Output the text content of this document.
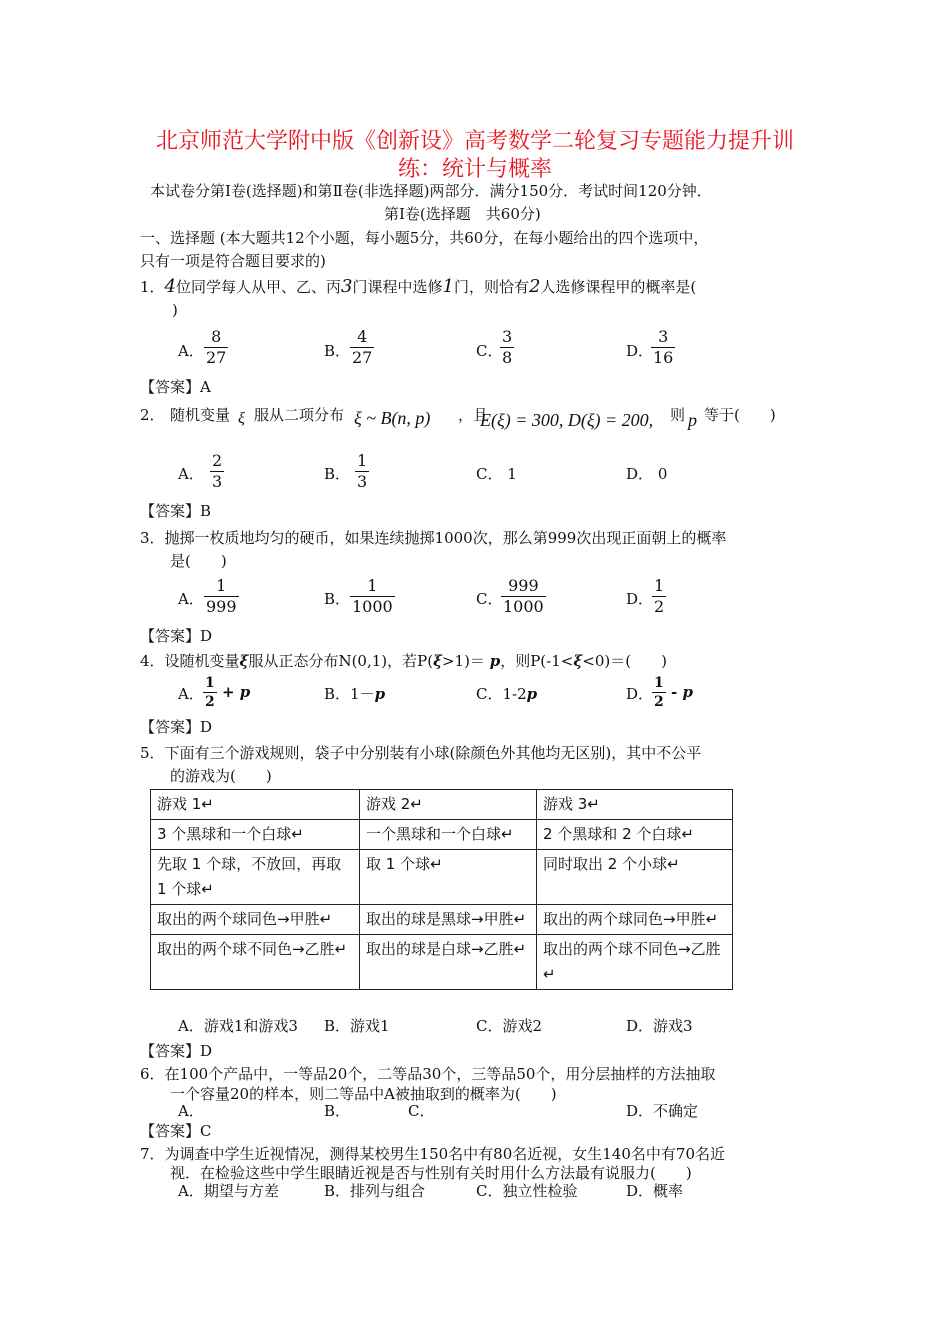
北京师范大学附中版《创新设》高考数学二轮复习专题能力提升训
练：统计与概率
本试卷分第Ⅰ卷(选择题)和第Ⅱ卷(非选择题)两部分．满分150分．考试时间120分钟．
第Ⅰ卷(选择题　共60分)
一、选择题 (本大题共12个小题，每小题5分，共60分，在每小题给出的四个选项中，
只有一项是符合题目要求的)
1．4位同学每人从甲、乙、丙3门课程中选修1门，则恰有2人选修课程甲的概率是(
)
A． $\frac{8}{27}$	B． $\frac{4}{27}$	C．
$\frac{3}{8}$	D．
$\frac{3}{16}$
【答案】A
2． 随机变量 ξ 服从二项分布 ξ ~ B(n, p) ，且
E(ξ) = 300, D(ξ) = 200, 则 p 等于(　　)
A． $\frac{2}{3}$	B． $\frac{1}{3}$	C． 1	D． 0
【答案】B
3．抛掷一枚质地均匀的硬币，如果连续抛掷1000次，那么第999次出现正面朝上的概率
是(　　)
A． $\frac{1}{999}$	B． $\frac{1}{1000}$	C．
$\frac{999}{1000}$	D．
$\frac{1}{2}$
【答案】D
4．设随机变量ξ服从正态分布N(0,1)，若P(ξ>1)＝ p，则P(-1<ξ<0)＝(　　)
A． $\frac{1}{2} + p$	B．1－p	C．1-2p	D．
$\frac{1}{2}$ - p
【答案】D
5．下面有三个游戏规则，袋子中分别装有小球(除颜色外其他均无区别)，其中不公平
的游戏为(　　)
游戏 1↵	游戏 2↵	游戏 3↵
3 个黑球和一个白球↵	一个黑球和一个白球↵	2 个黑球和 2 个白球↵
先取 1 个球，不放回，再取 1 个球↵	取 1 个球↵	同时取出 2 个小球↵
取出的两个球同色→甲胜↵	取出的球是黑球→甲胜↵	取出的两个球同色→甲胜↵
取出的两个球不同色→乙胜↵	取出的球是白球→乙胜↵	取出的两个球不同色→乙胜↵
A．游戏1和游戏3 B．游戏1	C．游戏2	D．游戏3
【答案】D
6．在100个产品中，一等品20个，二等品30个，三等品50个，用分层抽样的方法抽取
一个容量20的样本，则二等品中A被抽取到的概率为(　　)
A．	B．	C．	D．不确定
【答案】C
7．为调查中学生近视情况，测得某校男生150名中有80名近视，女生140名中有70名近
视．在检验这些中学生眼睛近视是否与性别有关时用什么方法最有说服力(　　)
A．期望与方差	B．排列与组合	C．独立性检验	D．概率
